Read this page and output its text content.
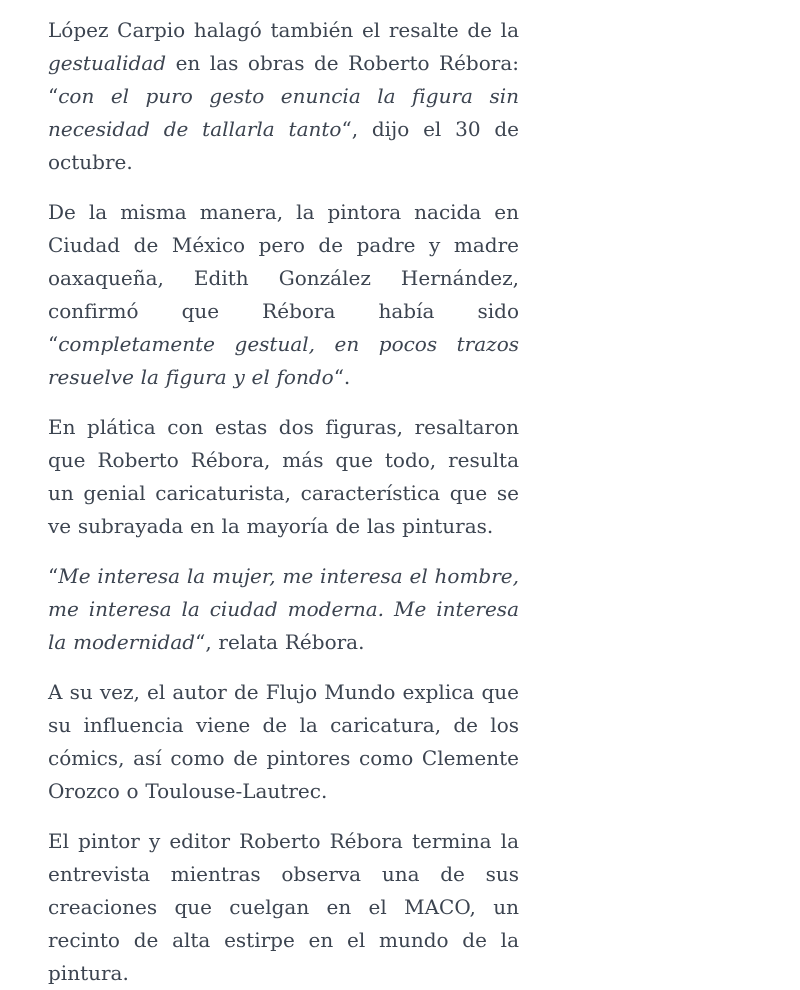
López Carpio halagó también el resalte de la gestualidad en las obras de Roberto Rébora: “con el puro gesto enuncia la figura sin necesidad de tallarla tanto“, dijo el 30 de octubre.

De la misma manera, la pintora nacida en Ciudad de México pero de padre y madre oaxaqueña, Edith González Hernández, confirmó que Rébora había sido “completamente gestual, en pocos trazos resuelve la figura y el fondo“.

En plática con estas dos figuras, resaltaron que Roberto Rébora, más que todo, resulta un genial caricaturista, característica que se ve subrayada en la mayoría de las pinturas.

“Me interesa la mujer, me interesa el hombre, me interesa la ciudad moderna. Me interesa la modernidad“, relata Rébora.

A su vez, el autor de Flujo Mundo explica que su influencia viene de la caricatura, de los cómics, así como de pintores como Clemente Orozco o Toulouse-Lautrec.

El pintor y editor Roberto Rébora termina la entrevista mientras observa una de sus creaciones que cuelgan en el MACO, un recinto de alta estirpe en el mundo de la pintura.
